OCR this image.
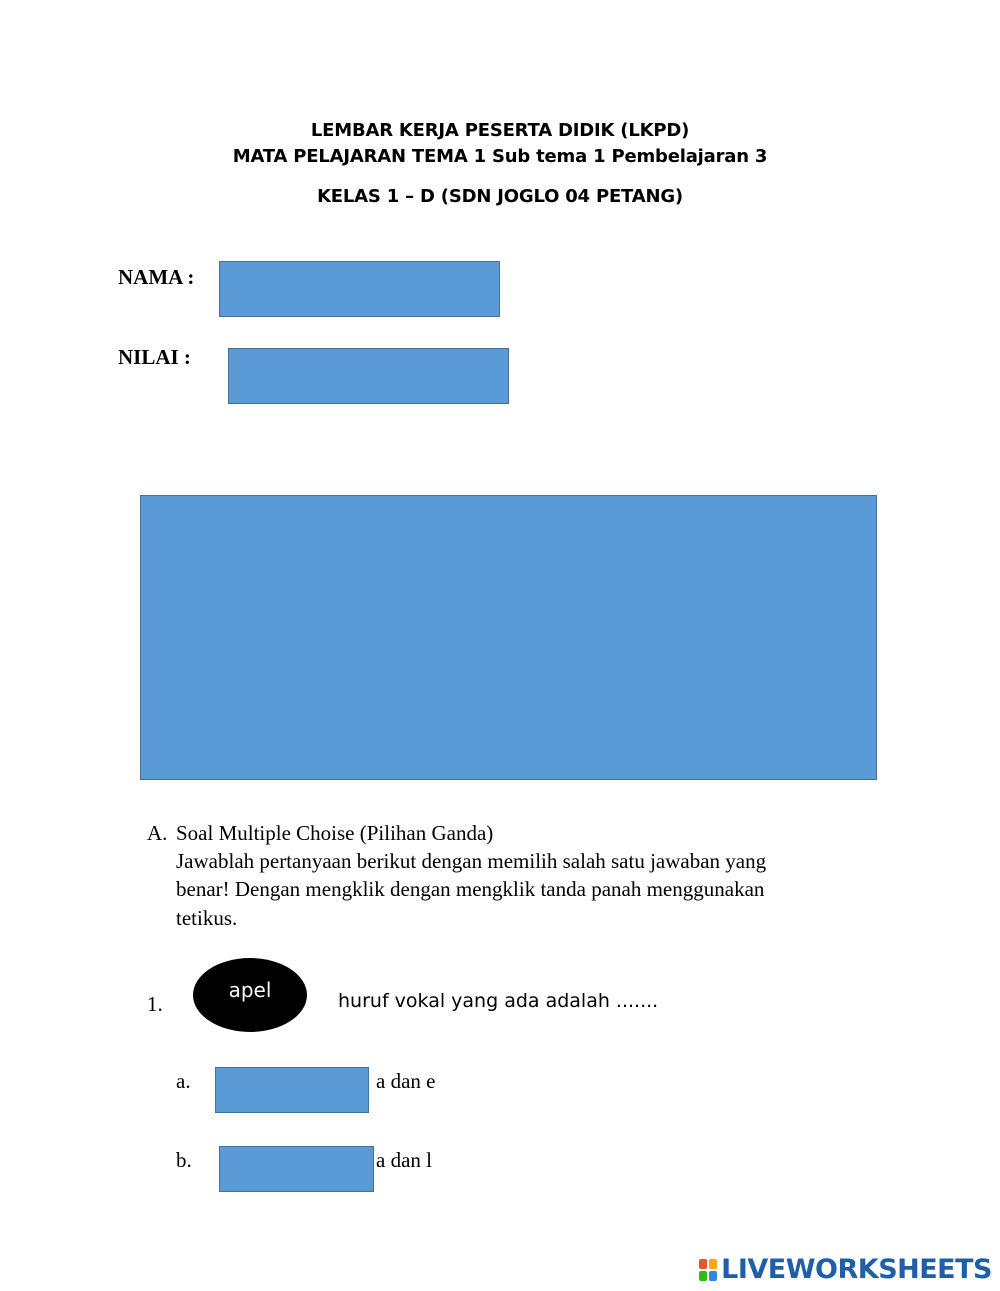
LEMBAR KERJA PESERTA DIDIK (LKPD)
MATA PELAJARAN TEMA 1 Sub tema 1 Pembelajaran 3
KELAS 1 – D (SDN JOGLO 04 PETANG)
NAMA :
NILAI :
A. Soal Multiple Choise (Pilihan Ganda)
Jawablah pertanyaan berikut dengan memilih salah satu jawaban yang
benar! Dengan mengklik dengan mengklik tanda panah menggunakan
tetikus.
1.
apel	huruf vokal yang ada adalah .......
a.	a dan e
b.	a dan l
LIVEWORKSHEETS
